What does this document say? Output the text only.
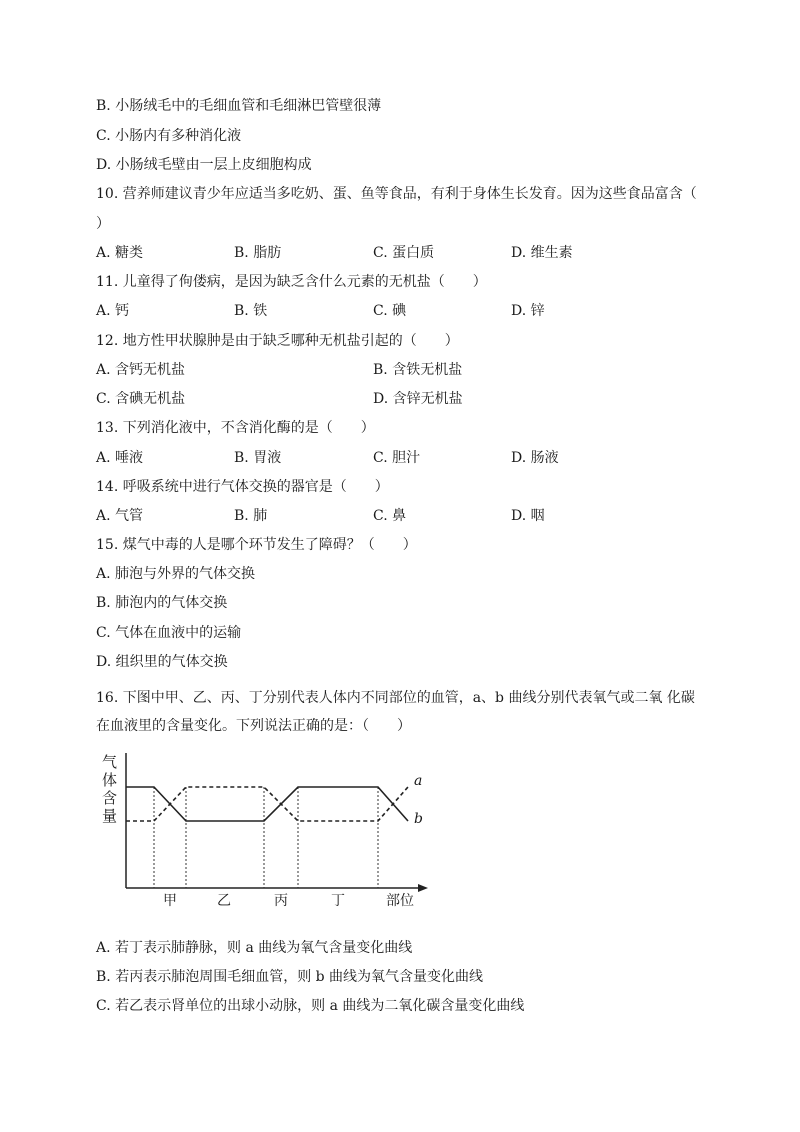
B. 小肠绒毛中的毛细血管和毛细淋巴管壁很薄
C. 小肠内有多种消化液
D. 小肠绒毛壁由一层上皮细胞构成
10. 营养师建议青少年应适当多吃奶、蛋、鱼等食品，有利于身体生长发育。因为这些食品富含（
）
A. 糖类	B. 脂肪	C. 蛋白质	D. 维生素
11. 儿童得了佝偻病，是因为缺乏含什么元素的无机盐（　　）
A. 钙	B. 铁	C. 碘	D. 锌
12. 地方性甲状腺肿是由于缺乏哪种无机盐引起的（　　）
A. 含钙无机盐	B. 含铁无机盐
C. 含碘无机盐	D. 含锌无机盐
13. 下列消化液中，不含消化酶的是（　　）
A. 唾液	B. 胃液	C. 胆汁	D. 肠液
14. 呼吸系统中进行气体交换的器官是（　　）
A. 气管	B. 肺	C. 鼻	D. 咽
15. 煤气中毒的人是哪个环节发生了障碍？（　　）
A. 肺泡与外界的气体交换
B. 肺泡内的气体交换
C. 气体在血液中的运输
D. 组织里的气体交换
16. 下图中甲、乙、丙、丁分别代表人体内不同部位的血管，a、b 曲线分别代表氧气或二氧 化碳
在血液里的含量变化。下列说法正确的是：（　　）
a
b
气
体
含
量
甲	乙	丙	丁	部位
A. 若丁表示肺静脉，则 a 曲线为氧气含量变化曲线
B. 若丙表示肺泡周围毛细血管，则 b 曲线为氧气含量变化曲线
C. 若乙表示肾单位的出球小动脉，则 a 曲线为二氧化碳含量变化曲线
